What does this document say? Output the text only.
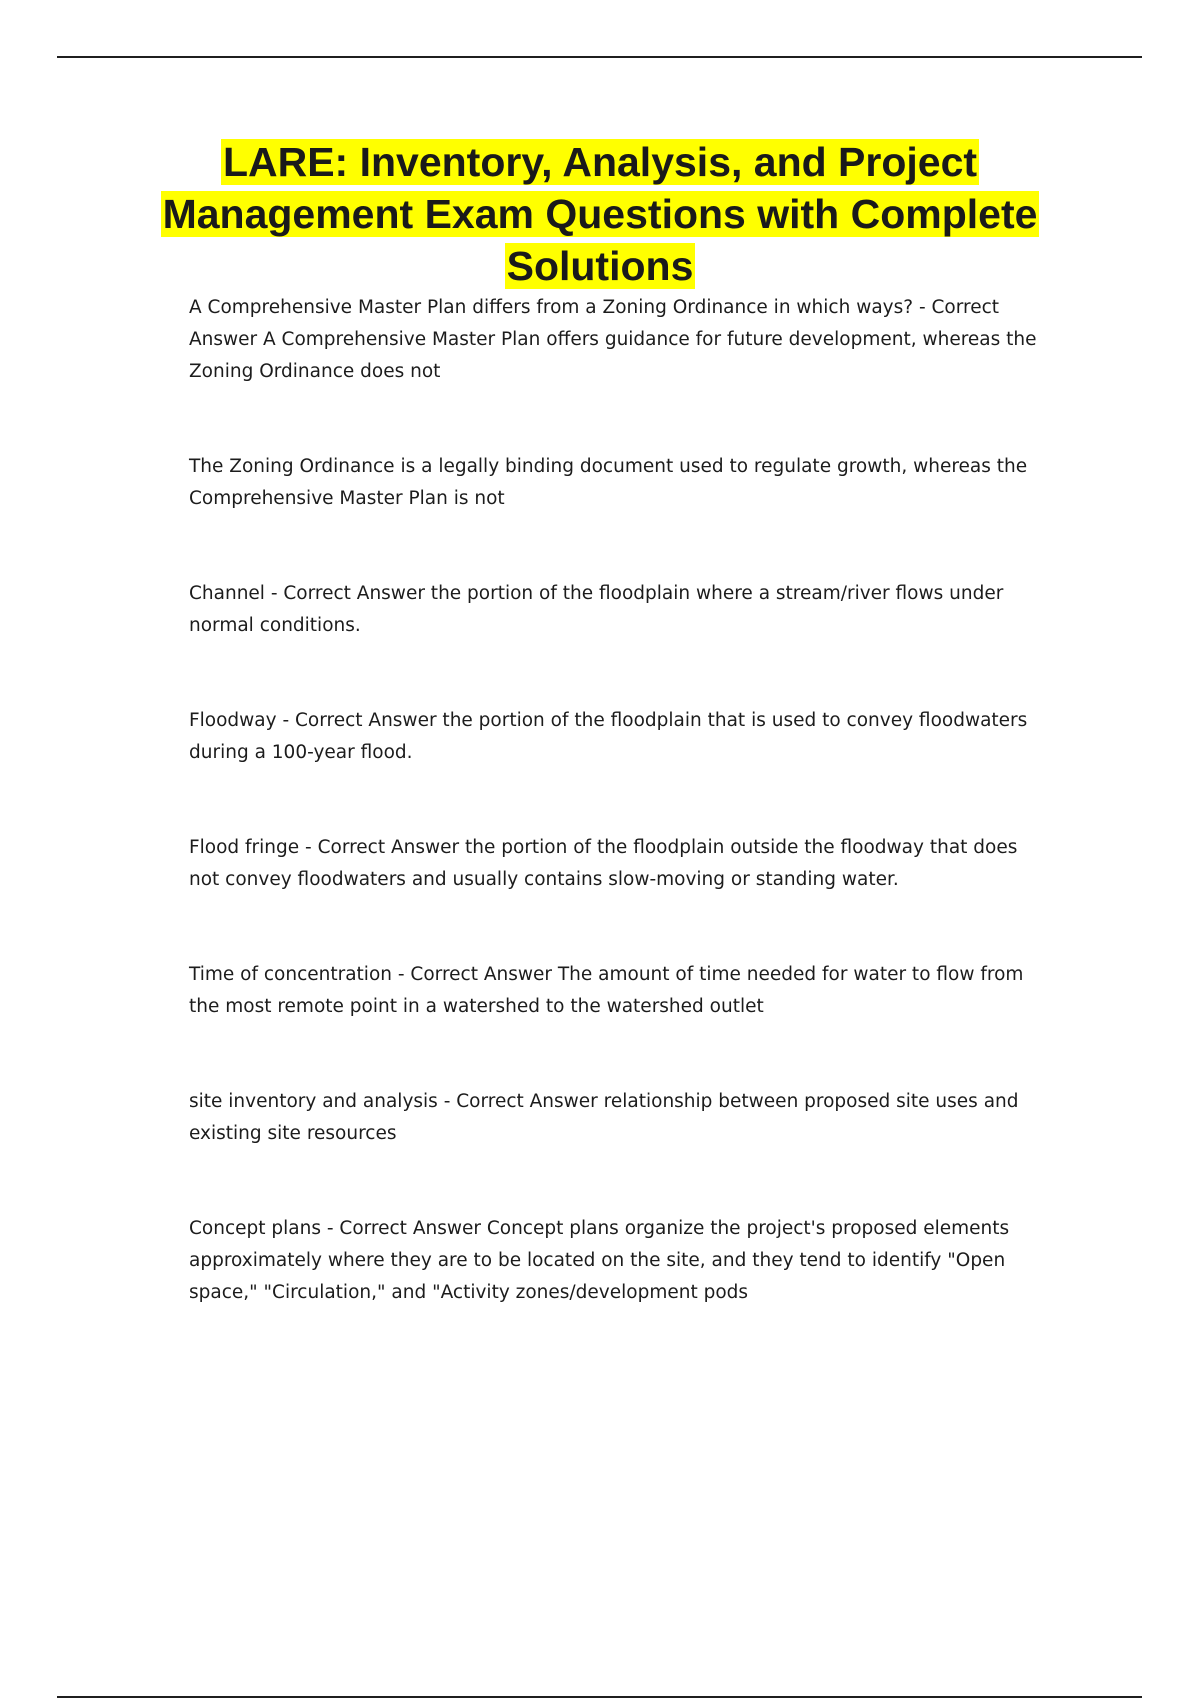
LARE: Inventory, Analysis, and Project Management Exam Questions with Complete Solutions

A Comprehensive Master Plan differs from a Zoning Ordinance in which ways? - Correct Answer A Comprehensive Master Plan offers guidance for future development, whereas the Zoning Ordinance does not

The Zoning Ordinance is a legally binding document used to regulate growth, whereas the Comprehensive Master Plan is not

Channel - Correct Answer the portion of the floodplain where a stream/river flows under normal conditions.

Floodway - Correct Answer the portion of the floodplain that is used to convey floodwaters during a 100-year flood.

Flood fringe - Correct Answer the portion of the floodplain outside the floodway that does not convey floodwaters and usually contains slow-moving or standing water.

Time of concentration - Correct Answer The amount of time needed for water to flow from the most remote point in a watershed to the watershed outlet

site inventory and analysis - Correct Answer relationship between proposed site uses and existing site resources

Concept plans - Correct Answer Concept plans organize the project's proposed elements approximately where they are to be located on the site, and they tend to identify "Open space," "Circulation," and "Activity zones/development pods
